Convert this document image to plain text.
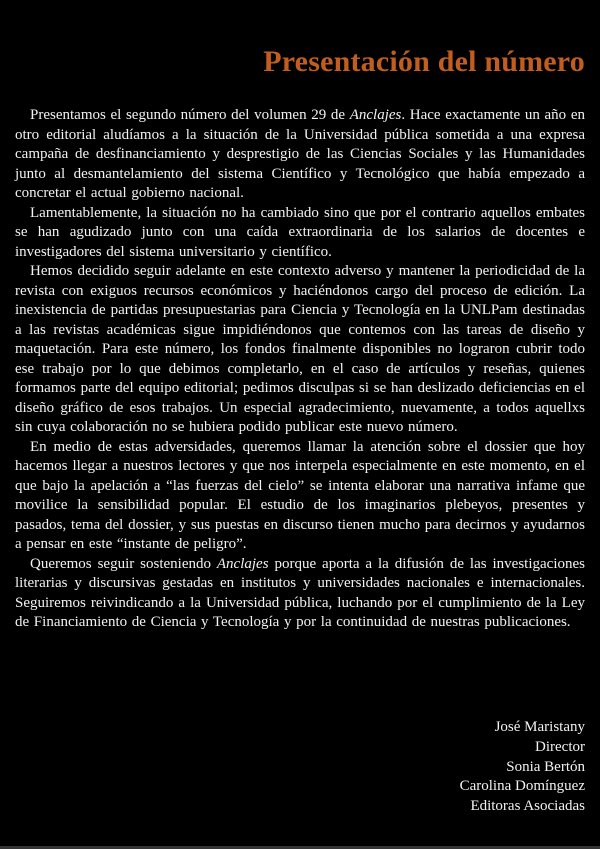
Presentación del número

Presentamos el segundo número del volumen 29 de Anclajes. Hace exactamente un año en otro editorial aludíamos a la situación de la Universidad pública sometida a una expresa campaña de desfinanciamiento y desprestigio de las Ciencias Sociales y las Humanidades junto al desmantelamiento del sistema Científico y Tecnológico que había empezado a concretar el actual gobierno nacional.

Lamentablemente, la situación no ha cambiado sino que por el contrario aquellos embates se han agudizado junto con una caída extraordinaria de los salarios de docentes e investigadores del sistema universitario y científico.

Hemos decidido seguir adelante en este contexto adverso y mantener la periodicidad de la revista con exiguos recursos económicos y haciéndonos cargo del proceso de edición. La inexistencia de partidas presupuestarias para Ciencia y Tecnología en la UNLPam destinadas a las revistas académicas sigue impidiéndonos que contemos con las tareas de diseño y maquetación. Para este número, los fondos finalmente disponibles no lograron cubrir todo ese trabajo por lo que debimos completarlo, en el caso de artículos y reseñas, quienes formamos parte del equipo editorial; pedimos disculpas si se han deslizado deficiencias en el diseño gráfico de esos trabajos. Un especial agradecimiento, nuevamente, a todos aquellxs sin cuya colaboración no se hubiera podido publicar este nuevo número.

En medio de estas adversidades, queremos llamar la atención sobre el dossier que hoy hacemos llegar a nuestros lectores y que nos interpela especialmente en este momento, en el que bajo la apelación a “las fuerzas del cielo” se intenta elaborar una narrativa infame que movilice la sensibilidad popular. El estudio de los imaginarios plebeyos, presentes y pasados, tema del dossier, y sus puestas en discurso tienen mucho para decirnos y ayudarnos a pensar en este “instante de peligro”.

Queremos seguir sosteniendo Anclajes porque aporta a la difusión de las investigaciones literarias y discursivas gestadas en institutos y universidades nacionales e internacionales. Seguiremos reivindicando a la Universidad pública, luchando por el cumplimiento de la Ley de Financiamiento de Ciencia y Tecnología y por la continuidad de nuestras publicaciones.

José Maristany
Director
Sonia Bertón
Carolina Domínguez
Editoras Asociadas
